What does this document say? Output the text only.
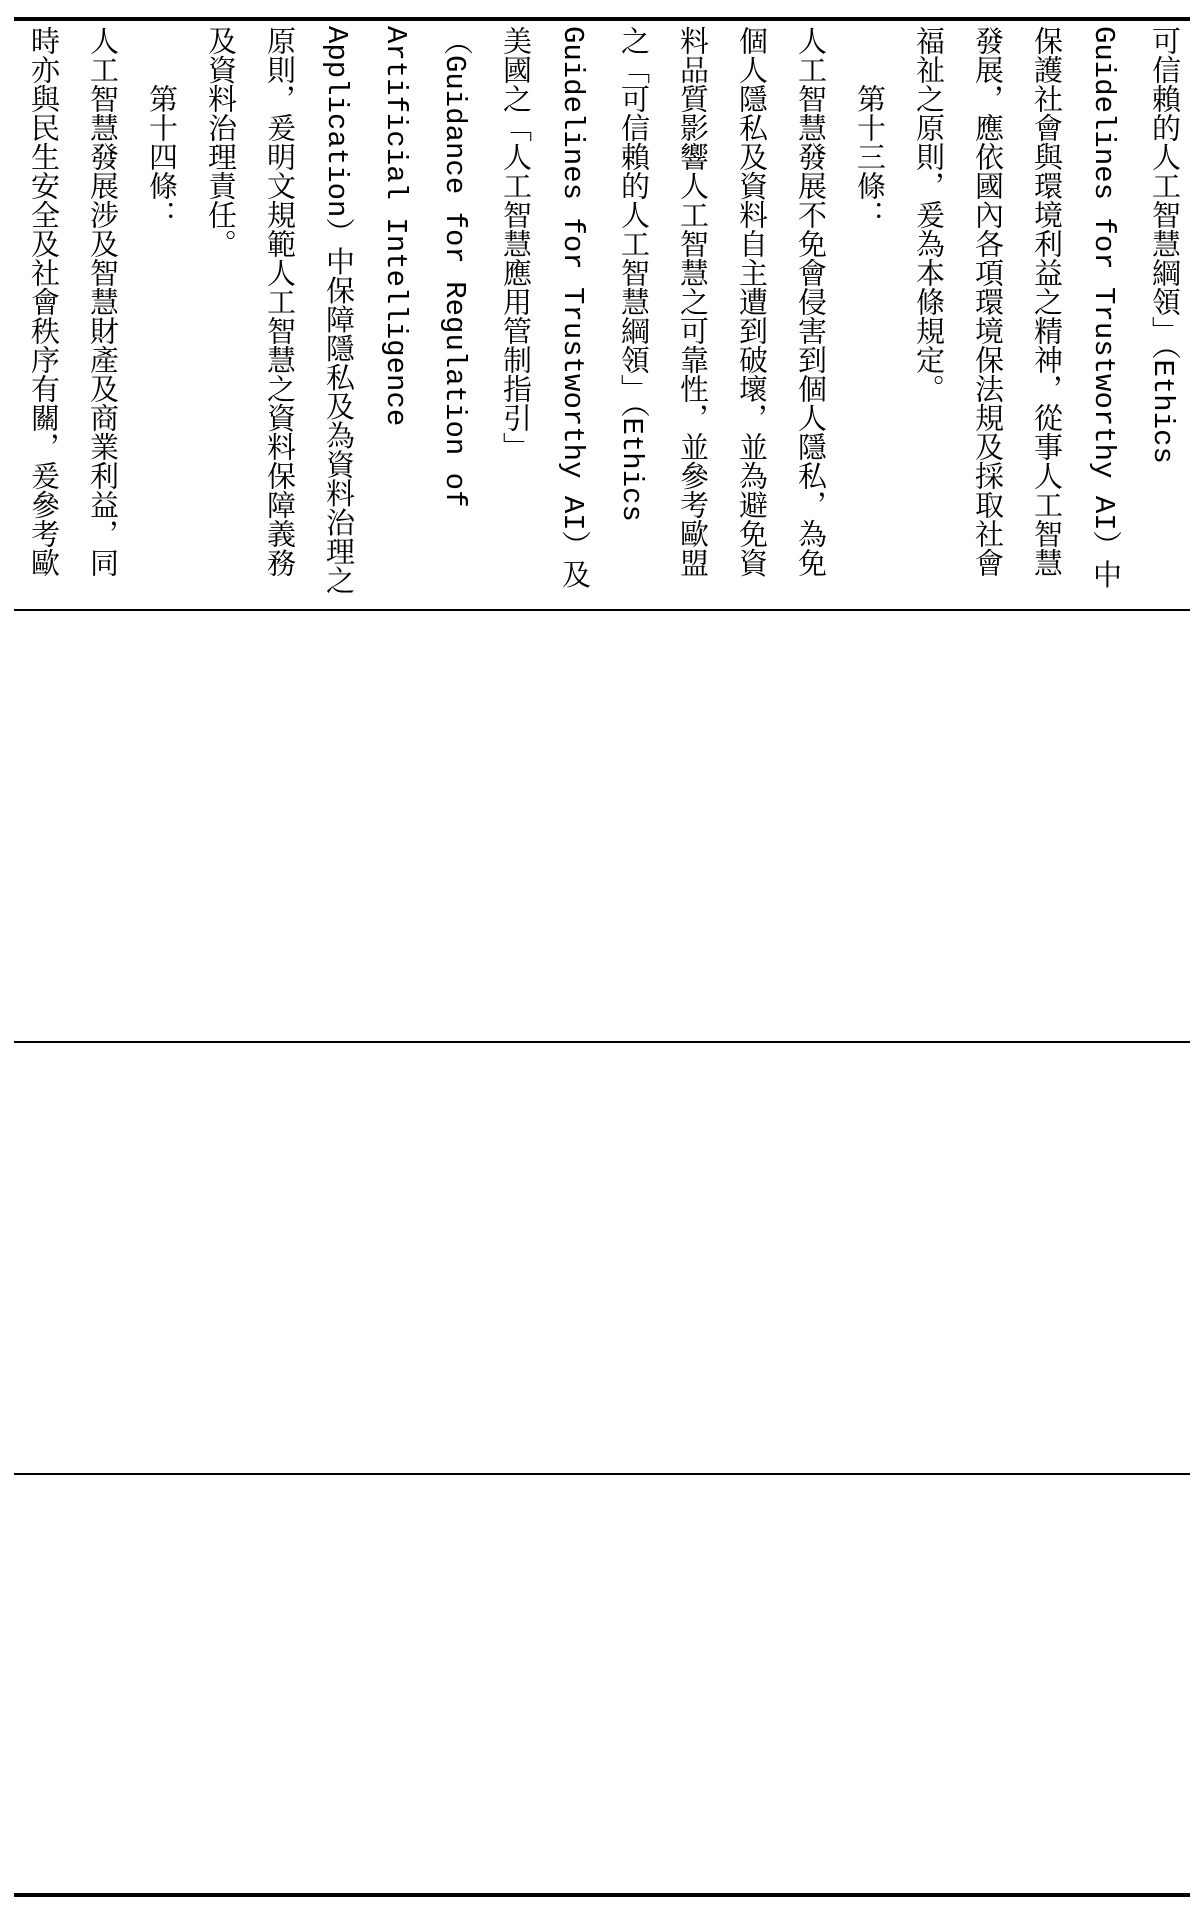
可信賴的人工智慧綱領」（Ethics Guidelines for Trustworthy AI）中保護社會與環境利益之精神，從事人工智慧發展，應依國內各項環境保法規及採取社會福祉之原則，爰為本條規定。

第十三條：

人工智慧發展不免會侵害到個人隱私，為免個人隱私及資料自主遭到破壞，並為避免資料品質影響人工智慧之可靠性，並參考歐盟之「可信賴的人工智慧綱領」（Ethics Guidelines for Trustworthy AI）及美國之「人工智慧應用管制指引」（Guidance for Regulation of Artificial Intelligence Application）中保障隱私及為資料治理之原則，爰明文規範人工智慧之資料保障義務及資料治理責任。

第十四條：

人工智慧發展涉及智慧財產及商業利益，同時亦與民生安全及社會秩序有關，爰參考歐
